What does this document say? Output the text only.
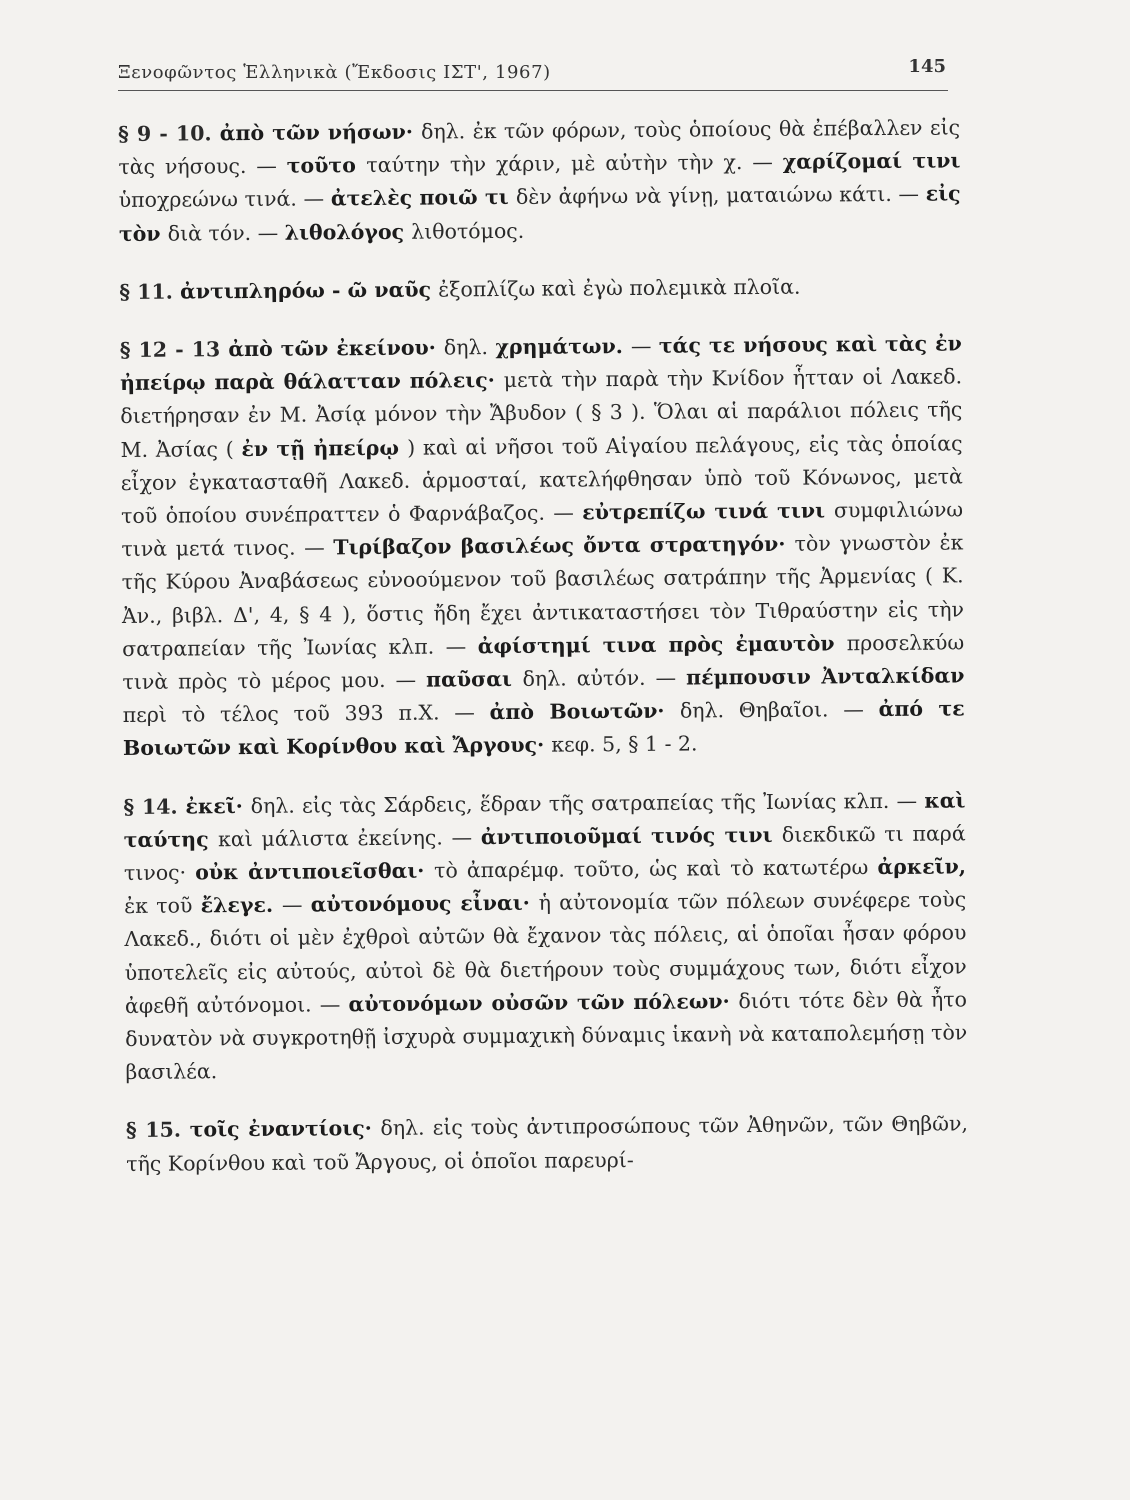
Ξενοφῶντος Ἑλληνικὰ (Ἔκδοσις ΙΣΤ', 1967)	145

§ 9 - 10. ἀπὸ τῶν νήσων· δηλ. ἐκ τῶν φόρων, τοὺς ὁποίους θὰ ἐπέβαλλεν εἰς τὰς νήσους. — τοῦτο ταύτην τὴν χάριν, μὲ αὐτὴν τὴν χ. — χαρίζομαί τινι ὑποχρεώνω τινά. — ἀτελὲς ποιῶ τι δὲν ἀφήνω νὰ γίνῃ, ματαιώνω κάτι. — εἰς τὸν διὰ τόν. — λιθολόγος λιθοτόμος.

§ 11. ἀντιπληρόω - ῶ ναῦς ἐξοπλίζω καὶ ἐγὼ πολεμικὰ πλοῖα.

§ 12 - 13 ἀπὸ τῶν ἐκείνου· δηλ. χρημάτων. — τάς τε νήσους καὶ τὰς ἐν ἠπείρῳ παρὰ θάλατταν πόλεις· μετὰ τὴν παρὰ τὴν Κνίδον ἧτταν οἱ Λακεδ. διετήρησαν ἐν Μ. Ἀσίᾳ μόνον τὴν Ἄβυδον ( § 3 ). Ὅλαι αἱ παράλιοι πόλεις τῆς Μ. Ἀσίας ( ἐν τῇ ἠπείρῳ ) καὶ αἱ νῆσοι τοῦ Αἰγαίου πελάγους, εἰς τὰς ὁποίας εἶχον ἐγκατασταθῆ Λακεδ. ἁρμοσταί, κατελήφθησαν ὑπὸ τοῦ Κόνωνος, μετὰ τοῦ ὁποίου συνέπραττεν ὁ Φαρνάβαζος. — εὐτρεπίζω τινά τινι συμφιλιώνω τινὰ μετά τινος. — Τιρίβαζον βασιλέως ὄντα στρατηγόν· τὸν γνωστὸν ἐκ τῆς Κύρου Ἀναβάσεως εὐνοούμενον τοῦ βασιλέως σατράπην τῆς Ἀρμενίας ( Κ. Ἀν., βιβλ. Δ', 4, § 4 ), ὅστις ἤδη ἔχει ἀντικαταστήσει τὸν Τιθραύστην εἰς τὴν σατραπείαν τῆς Ἰωνίας κλπ. — ἀφίστημί τινα πρὸς ἐμαυτὸν προσελκύω τινὰ πρὸς τὸ μέρος μου. — παῦσαι δηλ. αὐτόν. — πέμπουσιν Ἀνταλκίδαν περὶ τὸ τέλος τοῦ 393 π.Χ. — ἀπὸ Βοιωτῶν· δηλ. Θηβαῖοι. — ἀπό τε Βοιωτῶν καὶ Κορίνθου καὶ Ἄργους· κεφ. 5, § 1 - 2.

§ 14. ἐκεῖ· δηλ. εἰς τὰς Σάρδεις, ἕδραν τῆς σατραπείας τῆς Ἰωνίας κλπ. — καὶ ταύτης καὶ μάλιστα ἐκείνης. — ἀντιποιοῦμαί τινός τινι διεκδικῶ τι παρά τινος· οὐκ ἀντιποιεῖσθαι· τὸ ἀπαρέμφ. τοῦτο, ὡς καὶ τὸ κατωτέρω ἀρκεῖν, ἐκ τοῦ ἔλεγε. — αὐτονόμους εἶναι· ἡ αὐτονομία τῶν πόλεων συνέφερε τοὺς Λακεδ., διότι οἱ μὲν ἐχθροὶ αὐτῶν θὰ ἔχανον τὰς πόλεις, αἱ ὁποῖαι ἦσαν φόρου ὑποτελεῖς εἰς αὐτούς, αὐτοὶ δὲ θὰ διετήρουν τοὺς συμμάχους των, διότι εἶχον ἀφεθῆ αὐτόνομοι. — αὐτονόμων οὐσῶν τῶν πόλεων· διότι τότε δὲν θὰ ἦτο δυνατὸν νὰ συγκροτηθῇ ἰσχυρὰ συμμαχικὴ δύναμις ἱκανὴ νὰ καταπολεμήσῃ τὸν βασιλέα.

§ 15. τοῖς ἐναντίοις· δηλ. εἰς τοὺς ἀντιπροσώπους τῶν Ἀθηνῶν, τῶν Θηβῶν, τῆς Κορίνθου καὶ τοῦ Ἄργους, οἱ ὁποῖοι παρευρί-
